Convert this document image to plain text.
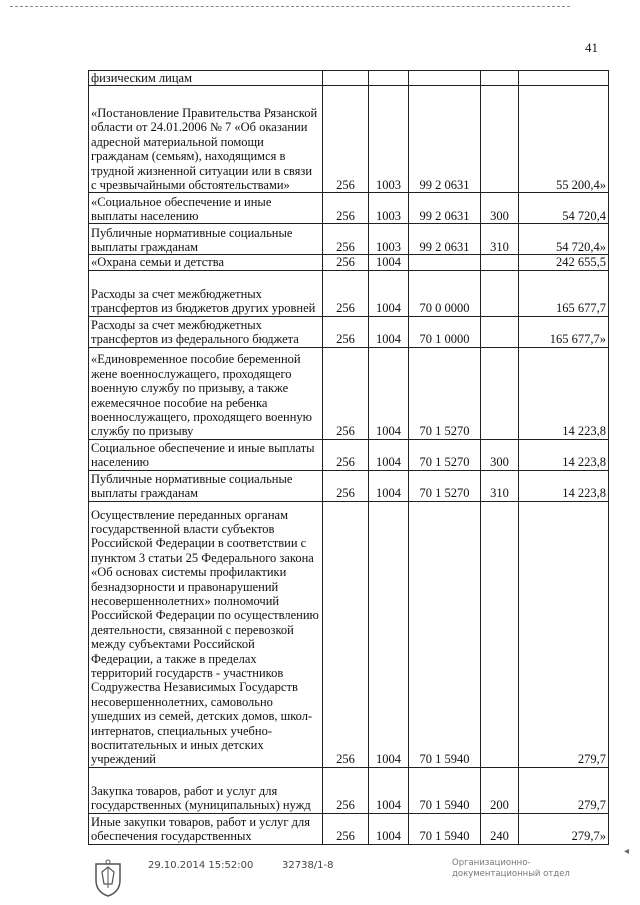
41
физическим лицам					
«Постановление Правительства Рязанской области от 24.01.2006 № 7 «Об оказании адресной материальной помощи гражданам (семьям), находящимся в трудной жизненной ситуации или в связи с чрезвычайными обстоятельствами»	256	1003	99 2 0631		55 200,4»
«Социальное обеспечение и иные выплаты населению	256	1003	99 2 0631	300	54 720,4
Публичные нормативные социальные выплаты гражданам	256	1003	99 2 0631	310	54 720,4»
«Охрана семьи и детства	256	1004			242 655,5
Расходы за счет межбюджетных трансфертов из бюджетов других уровней	256	1004	70 0 0000		165 677,7
Расходы за счет межбюджетных трансфертов из федерального бюджета	256	1004	70 1 0000		165 677,7»
«Единовременное пособие беременной жене военнослужащего, проходящего военную службу по призыву, а также ежемесячное пособие на ребенка военнослужащего, проходящего военную службу по призыву	256	1004	70 1 5270		14 223,8
Социальное обеспечение и иные выплаты населению	256	1004	70 1 5270	300	14 223,8
Публичные нормативные социальные выплаты гражданам	256	1004	70 1 5270	310	14 223,8
Осуществление переданных органам государственной власти субъектов Российской Федерации в соответствии с пунктом 3 статьи 25 Федерального закона «Об основах системы профилактики безнадзорности и правонарушений несовершеннолетних» полномочий Российской Федерации по осуществлению деятельности, связанной с перевозкой между субъектами Российской Федерации, а также в пределах территорий государств - участников Содружества Независимых Государств несовершеннолетних, самовольно ушедших из семей, детских домов, школ-интернатов, специальных учебно-воспитательных и иных детских учреждений	256	1004	70 1 5940		279,7
Закупка товаров, работ и услуг для государственных (муниципальных) нужд	256	1004	70 1 5940	200	279,7
Иные закупки товаров, работ и услуг для обеспечения государственных	256	1004	70 1 5940	240	279,7»
◂
29.10.2014 15:52:00	32738/1-8	Организационно-
документационный отдел
